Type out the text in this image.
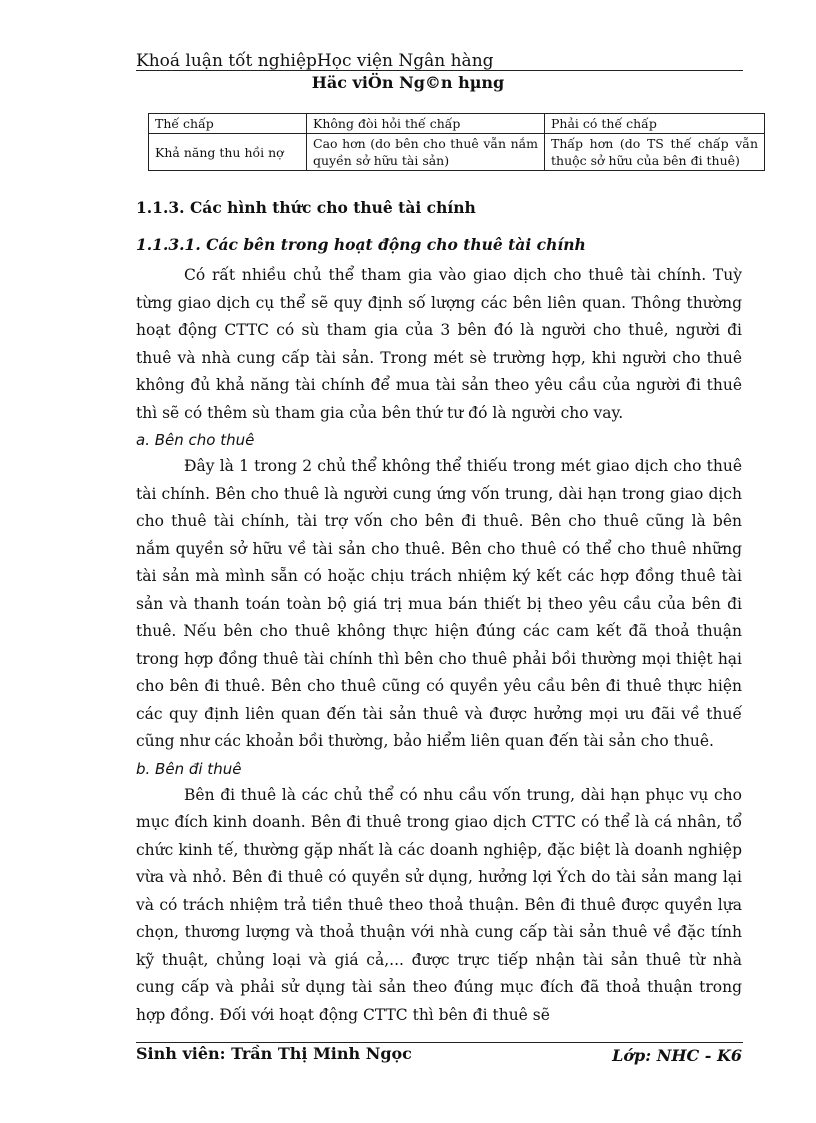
Khoá luận tốt nghiệpHọc viện Ngân hàng
Häc viÖn Ng©n hµng
Thế chấp	Không đòi hỏi thế chấp	Phải có thế chấp
Khả năng thu hồi nợ	Cao hơn (do bên cho thuê vẫn nắm quyền sở hữu tài sản)	Thấp hơn (do TS thế chấp vẫn thuộc sở hữu của bên đi thuê)
1.1.3. Các hình thức cho thuê tài chính
1.1.3.1. Các bên trong hoạt động cho thuê tài chính

Có rất nhiều chủ thể tham gia vào giao dịch cho thuê tài chính. Tuỳ từng giao dịch cụ thể sẽ quy định số lượng các bên liên quan. Thông thường hoạt động CTTC có sù tham gia của 3 bên đó là người cho thuê, người đi thuê và nhà cung cấp tài sản. Trong mét sè trường hợp, khi người cho thuê không đủ khả năng tài chính để mua tài sản theo yêu cầu của người đi thuê thì sẽ có thêm sù tham gia của bên thứ tư đó là người cho vay.

a. Bên cho thuê

Đây là 1 trong 2 chủ thể không thể thiếu trong mét giao dịch cho thuê tài chính. Bên cho thuê là người cung ứng vốn trung, dài hạn trong giao dịch cho thuê tài chính, tài trợ vốn cho bên đi thuê. Bên cho thuê cũng là bên nắm quyền sở hữu về tài sản cho thuê. Bên cho thuê có thể cho thuê những tài sản mà mình sẵn có hoặc chịu trách nhiệm ký kết các hợp đồng thuê tài sản và thanh toán toàn bộ giá trị mua bán thiết bị theo yêu cầu của bên đi thuê. Nếu bên cho thuê không thực hiện đúng các cam kết đã thoả thuận trong hợp đồng thuê tài chính thì bên cho thuê phải bồi thường mọi thiệt hại cho bên đi thuê. Bên cho thuê cũng có quyền yêu cầu bên đi thuê thực hiện các quy định liên quan đến tài sản thuê và được hưởng mọi ưu đãi về thuế cũng như các khoản bồi thường, bảo hiểm liên quan đến tài sản cho thuê.

b. Bên đi thuê

Bên đi thuê là các chủ thể có nhu cầu vốn trung, dài hạn phục vụ cho mục đích kinh doanh. Bên đi thuê trong giao dịch CTTC có thể là cá nhân, tổ chức kinh tế, thường gặp nhất là các doanh nghiệp, đặc biệt là doanh nghiệp vừa và nhỏ. Bên đi thuê có quyền sử dụng, hưởng lợi Ých do tài sản mang lại và có trách nhiệm trả tiền thuê theo thoả thuận. Bên đi thuê được quyền lựa chọn, thương lượng và thoả thuận với nhà cung cấp tài sản thuê về đặc tính kỹ thuật, chủng loại và giá cả,... được trực tiếp nhận tài sản thuê từ nhà cung cấp và phải sử dụng tài sản theo đúng mục đích đã thoả thuận trong hợp đồng. Đối với hoạt động CTTC thì bên đi thuê sẽ

Sinh viên: Trần Thị Minh Ngọc	Lớp: NHC - K6
